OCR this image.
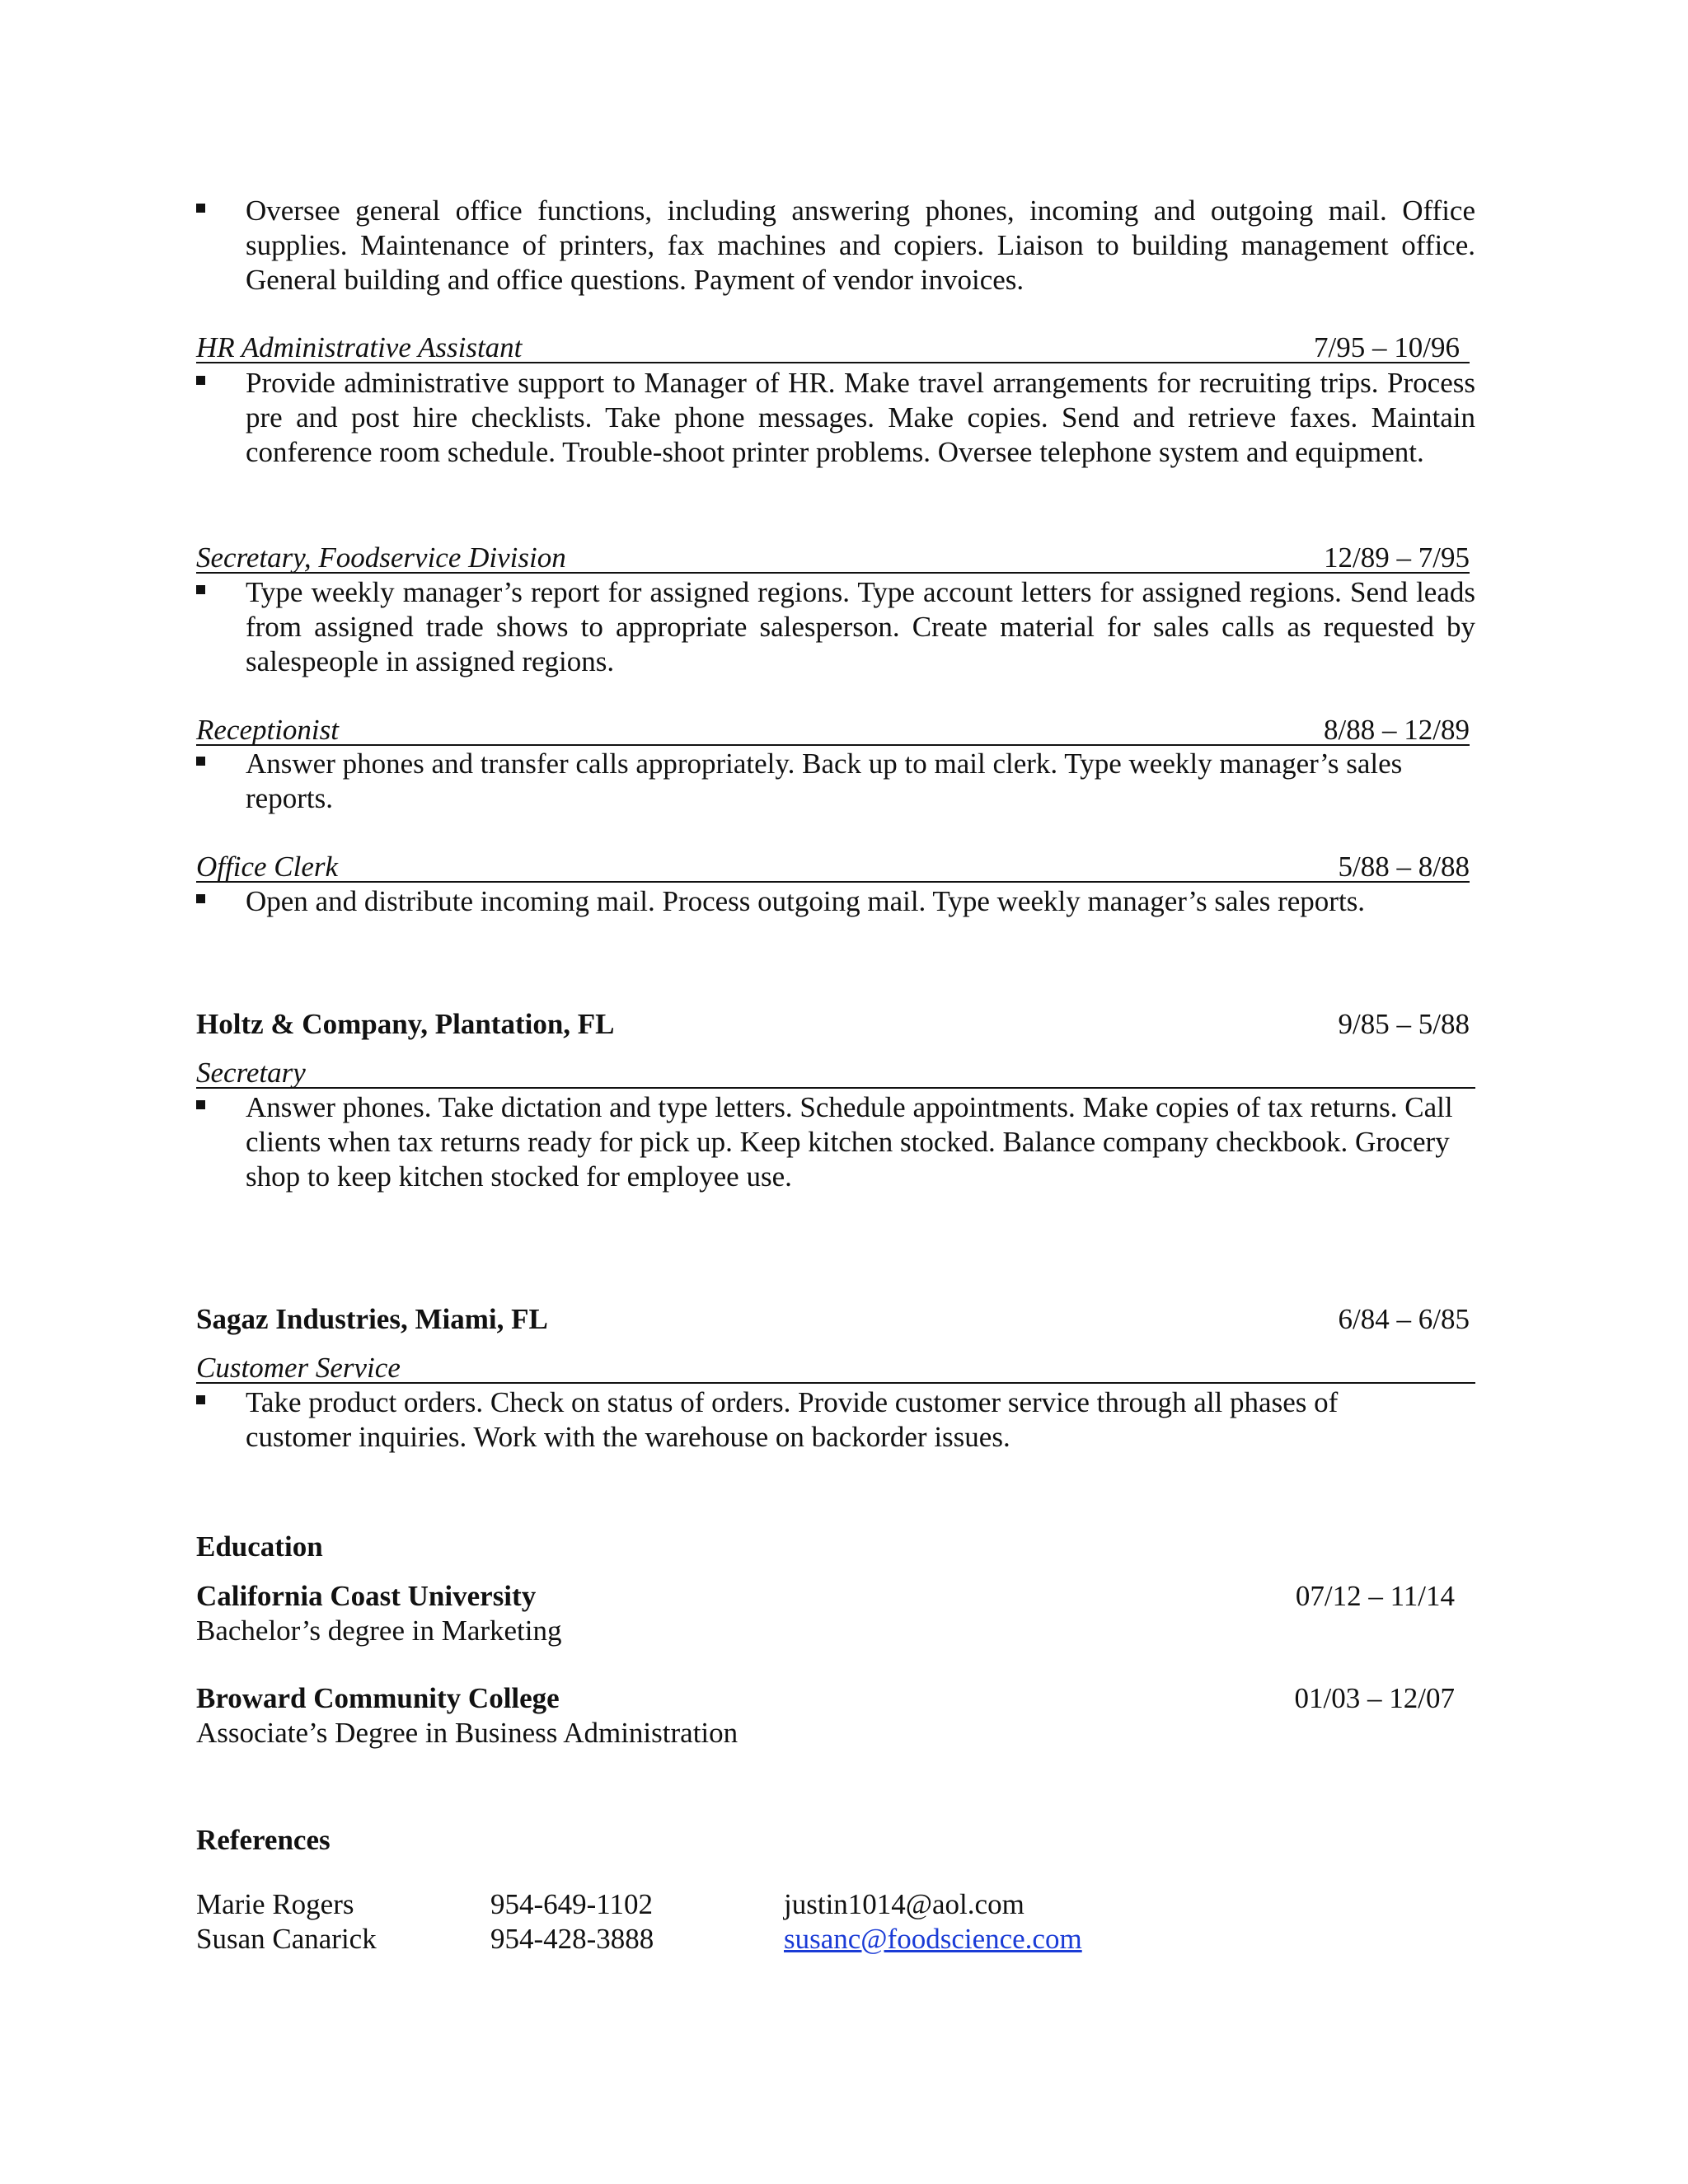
Oversee general office functions, including answering phones, incoming and outgoing mail. Office supplies. Maintenance of printers, fax machines and copiers. Liaison to building management office. General building and office questions. Payment of vendor invoices.
HR Administrative Assistant	7/95 – 10/96
Provide administrative support to Manager of HR. Make travel arrangements for recruiting trips. Process pre and post hire checklists. Take phone messages. Make copies. Send and retrieve faxes. Maintain conference room schedule. Trouble-shoot printer problems. Oversee telephone system and equipment.
Secretary, Foodservice Division	12/89 – 7/95
Type weekly manager’s report for assigned regions. Type account letters for assigned regions. Send leads from assigned trade shows to appropriate salesperson. Create material for sales calls as requested by salespeople in assigned regions.
Receptionist	8/88 – 12/89
Answer phones and transfer calls appropriately. Back up to mail clerk. Type weekly manager’s sales reports.
Office Clerk	5/88 – 8/88
Open and distribute incoming mail. Process outgoing mail. Type weekly manager’s sales reports.
Holtz & Company, Plantation, FL	9/85 – 5/88
Secretary
Answer phones. Take dictation and type letters. Schedule appointments. Make copies of tax returns. Call clients when tax returns ready for pick up. Keep kitchen stocked. Balance company checkbook. Grocery shop to keep kitchen stocked for employee use.
Sagaz Industries, Miami, FL	6/84 – 6/85
Customer Service
Take product orders. Check on status of orders. Provide customer service through all phases of customer inquiries. Work with the warehouse on backorder issues.
Education
California Coast University	07/12 – 11/14
Bachelor’s degree in Marketing
Broward Community College	01/03 – 12/07
Associate’s Degree in Business Administration
References
Marie Rogers	954-649-1102	justin1014@aol.com
Susan Canarick	954-428-3888	susanc@foodscience.com
